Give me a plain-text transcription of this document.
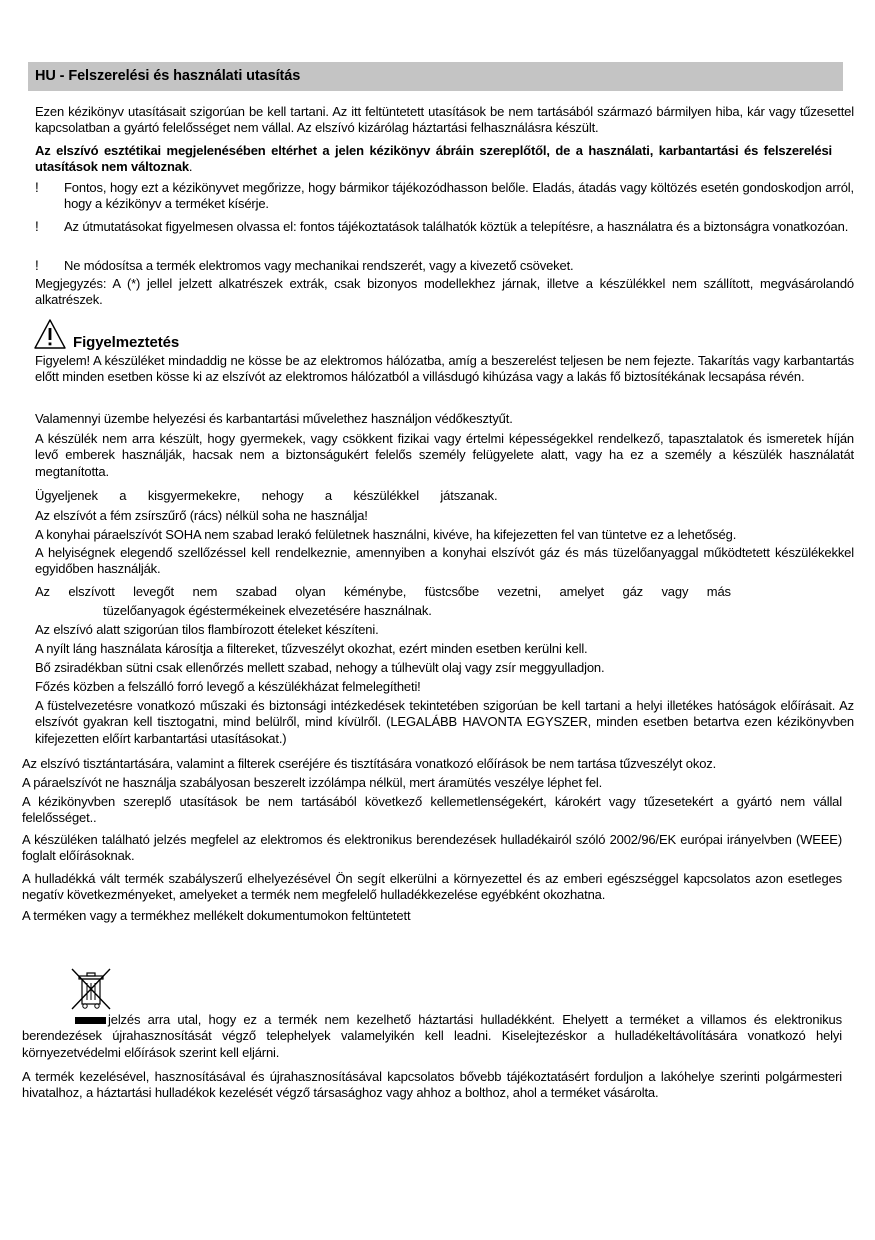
HU - Felszerelési és használati utasítás

Ezen kézikönyv utasításait szigorúan be kell tartani. Az itt feltüntetett utasítások be nem tartásából származó bármilyen hiba, kár vagy tűzesettel kapcsolatban a gyártó felelősséget nem vállal. Az elszívó kizárólag háztartási felhasználásra készült.

Az elszívó esztétikai megjelenésében eltérhet a jelen kézikönyv ábráin szereplőtől, de a használati, karbantartási és felszerelési utasítások nem változnak.

! Fontos, hogy ezt a kézikönyvet megőrizze, hogy bármikor tájékozódhasson belőle. Eladás, átadás vagy költözés esetén gondoskodjon arról, hogy a kézikönyv a terméket kísérje.

! Az útmutatásokat figyelmesen olvassa el: fontos tájékoztatások találhatók köztük a telepítésre, a használatra és a biztonságra vonatkozóan.

! Ne módosítsa a termék elektromos vagy mechanikai rendszerét, vagy a kivezető csöveket.

Megjegyzés: A (*) jellel jelzett alkatrészek extrák, csak bizonyos modellekhez járnak, illetve a készülékkel nem szállított, megvásárolandó alkatrészek.

Figyelmeztetés

Figyelem! A készüléket mindaddig ne kösse be az elektromos hálózatba, amíg a beszerelést teljesen be nem fejezte. Takarítás vagy karbantartás előtt minden esetben kösse ki az elszívót az elektromos hálózatból a villásdugó kihúzása vagy a lakás fő biztosítékának lecsapása révén.

Valamennyi üzembe helyezési és karbantartási művelethez használjon védőkesztyűt.

A készülék nem arra készült, hogy gyermekek, vagy csökkent fizikai vagy értelmi képességekkel rendelkező, tapasztalatok és ismeretek híján levő emberek használják, hacsak nem a biztonságukért felelős személy felügyelete alatt, vagy ha ez a személy a készülék használatát megtanította.

Ügyeljenek a kisgyermekekre, nehogy a készülékkel játszanak.

Az elszívót a fém zsírszűrő (rács) nélkül soha ne használja!

A konyhai páraelszívót SOHA nem szabad lerakó felületnek használni, kivéve, ha kifejezetten fel van tüntetve ez a lehetőség.

A helyiségnek elegendő szellőzéssel kell rendelkeznie, amennyiben a konyhai elszívót gáz és más tüzelőanyaggal működtetett készülékekkel egyidőben használják.

Az elszívott levegőt nem szabad olyan kéménybe, füstcsőbe vezetni, amelyet gáz vagy más

tüzelőanyagok égéstermékeinek elvezetésére használnak.

Az elszívó alatt szigorúan tilos flambírozott ételeket készíteni.

A nyílt láng használata károsítja a filtereket, tűzveszélyt okozhat, ezért minden esetben kerülni kell.

Bő zsiradékban sütni csak ellenőrzés mellett szabad, nehogy a túlhevült olaj vagy zsír meggyulladjon.

Főzés közben a felszálló forró levegő a készülékházat felmelegítheti!

A füstelvezetésre vonatkozó műszaki és biztonsági intézkedések tekintetében szigorúan be kell tartani a helyi illetékes hatóságok előírásait. Az elszívót gyakran kell tisztogatni, mind belülről, mind kívülről. (LEGALÁBB HAVONTA EGYSZER, minden esetben betartva ezen kézikönyvben kifejezetten előírt karbantartási utasításokat.)

Az elszívó tisztántartására, valamint a filterek cseréjére és tisztítására vonatkozó előírások be nem tartása tűzveszélyt okoz.

A páraelszívót ne használja szabályosan beszerelt izzólámpa nélkül, mert áramütés veszélye léphet fel.

A kézikönyvben szereplő utasítások be nem tartásából következő kellemetlenségekért, károkért vagy tűzesetekért a gyártó nem vállal felelősséget..

A készüléken található jelzés megfelel az elektromos és elektronikus berendezések hulladékairól szóló 2002/96/EK európai irányelvben (WEEE) foglalt előírásoknak.

A hulladékká vált termék szabályszerű elhelyezésével Ön segít elkerülni a környezettel és az emberi egészséggel kapcsolatos azon esetleges negatív következményeket, amelyeket a termék nem megfelelő hulladékkezelése egyébként okozhatna.

A terméken vagy a termékhez mellékelt dokumentumokon feltüntetett

jelzés arra utal, hogy ez a termék nem kezelhető háztartási hulladékként. Ehelyett a terméket a villamos és elektronikus berendezések újrahasznosítását végző telephelyek valamelyikén kell leadni. Kiselejtezéskor a hulladékeltávolítására vonatkozó helyi környezetvédelmi előírások szerint kell eljárni.

A termék kezelésével, hasznosításával és újrahasznosításával kapcsolatos bővebb tájékoztatásért forduljon a lakóhelye szerinti polgármesteri hivatalhoz, a háztartási hulladékok kezelését végző társasághoz vagy ahhoz a bolthoz, ahol a terméket vásárolta.
